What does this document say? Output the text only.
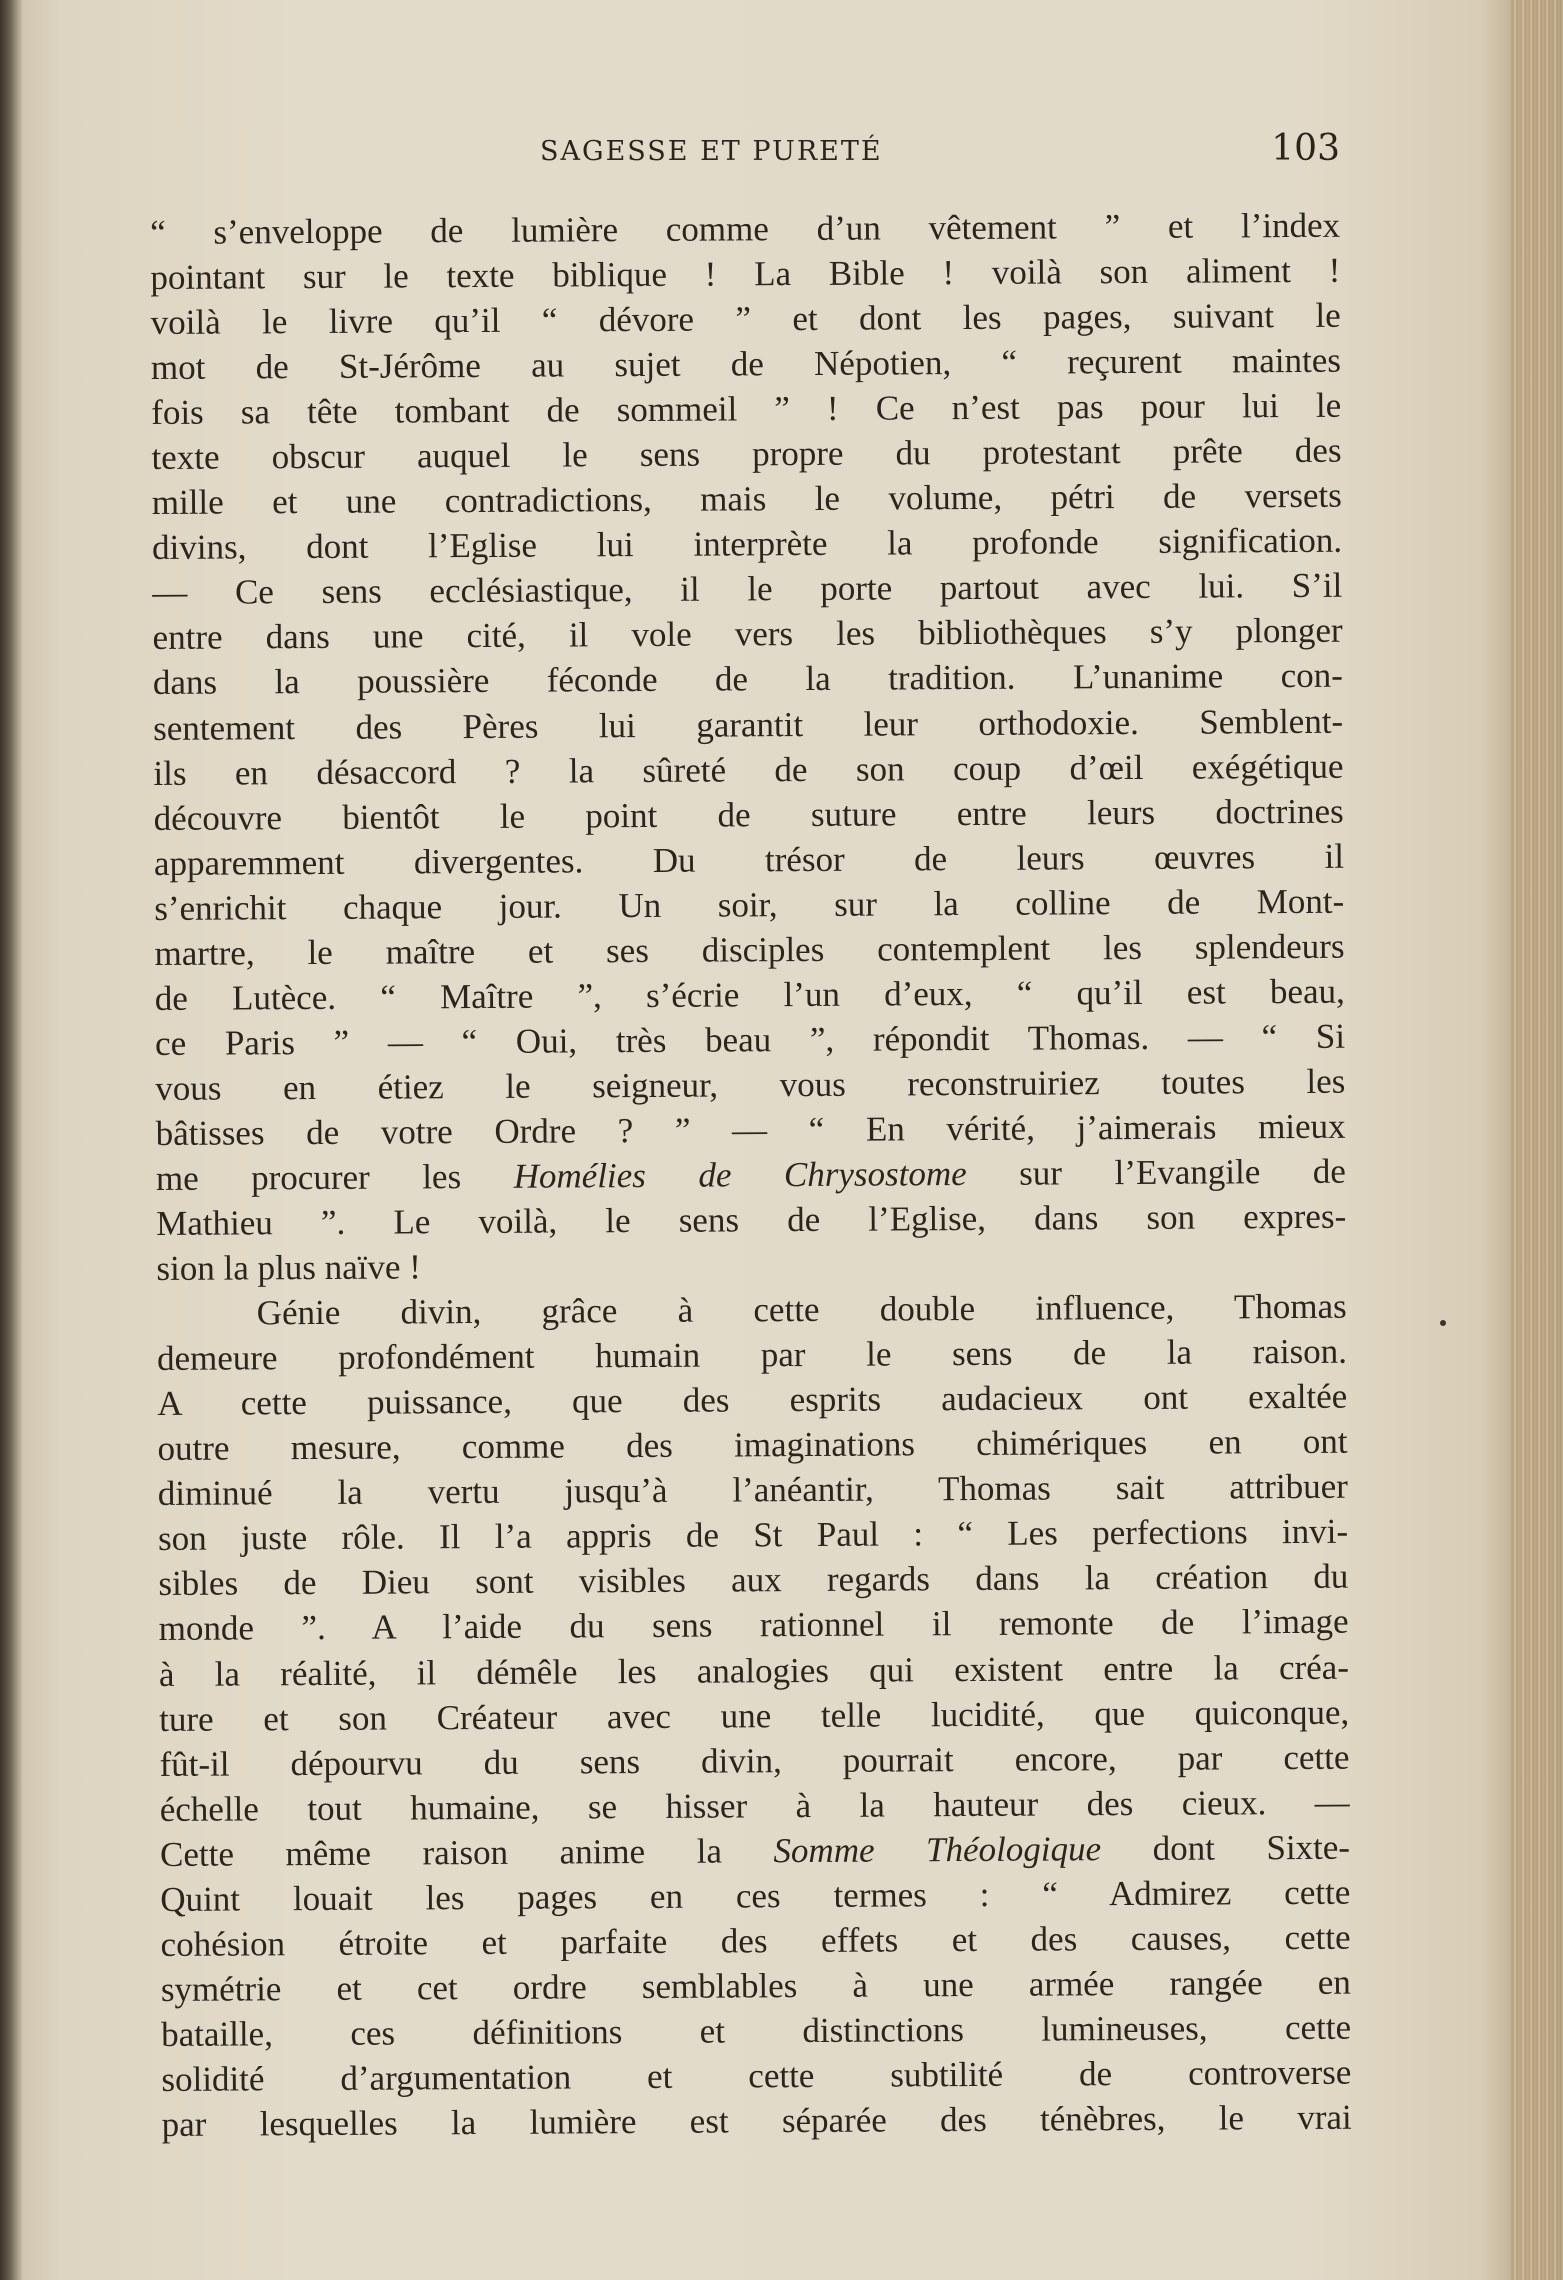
SAGESSE ET PURETÉ	103
“ s’enveloppe de lumière comme d’un vêtement ” et l’index
pointant sur le texte biblique ! La Bible ! voilà son aliment !
voilà le livre qu’il “ dévore ” et dont les pages, suivant le
mot de St-Jérôme au sujet de Népotien, “ reçurent maintes
fois sa tête tombant de sommeil ” ! Ce n’est pas pour lui le
texte obscur auquel le sens propre du protestant prête des
mille et une contradictions, mais le volume, pétri de versets
divins, dont l’Eglise lui interprète la profonde signification.
— Ce sens ecclésiastique, il le porte partout avec lui. S’il
entre dans une cité, il vole vers les bibliothèques s’y plonger
dans la poussière féconde de la tradition. L’unanime con-
sentement des Pères lui garantit leur orthodoxie. Semblent-
ils en désaccord ? la sûreté de son coup d’œil exégétique
découvre bientôt le point de suture entre leurs doctrines
apparemment divergentes. Du trésor de leurs œuvres il
s’enrichit chaque jour. Un soir, sur la colline de Mont-
martre, le maître et ses disciples contemplent les splendeurs
de Lutèce. “ Maître ”, s’écrie l’un d’eux, “ qu’il est beau,
ce Paris ” — “ Oui, très beau ”, répondit Thomas. — “ Si
vous en étiez le seigneur, vous reconstruiriez toutes les
bâtisses de votre Ordre ? ” — “ En vérité, j’aimerais mieux
me procurer les Homélies de Chrysostome sur l’Evangile de
Mathieu ”. Le voilà, le sens de l’Eglise, dans son expres-
sion la plus naïve !
Génie divin, grâce à cette double influence, Thomas
demeure profondément humain par le sens de la raison.
A cette puissance, que des esprits audacieux ont exaltée
outre mesure, comme des imaginations chimériques en ont
diminué la vertu jusqu’à l’anéantir, Thomas sait attribuer
son juste rôle. Il l’a appris de St Paul : “ Les perfections invi-
sibles de Dieu sont visibles aux regards dans la création du
monde ”. A l’aide du sens rationnel il remonte de l’image
à la réalité, il démêle les analogies qui existent entre la créa-
ture et son Créateur avec une telle lucidité, que quiconque,
fût-il dépourvu du sens divin, pourrait encore, par cette
échelle tout humaine, se hisser à la hauteur des cieux. —
Cette même raison anime la Somme Théologique dont Sixte-
Quint louait les pages en ces termes : “ Admirez cette
cohésion étroite et parfaite des effets et des causes, cette
symétrie et cet ordre semblables à une armée rangée en
bataille, ces définitions et distinctions lumineuses, cette
solidité d’argumentation et cette subtilité de controverse
par lesquelles la lumière est séparée des ténèbres, le vrai
